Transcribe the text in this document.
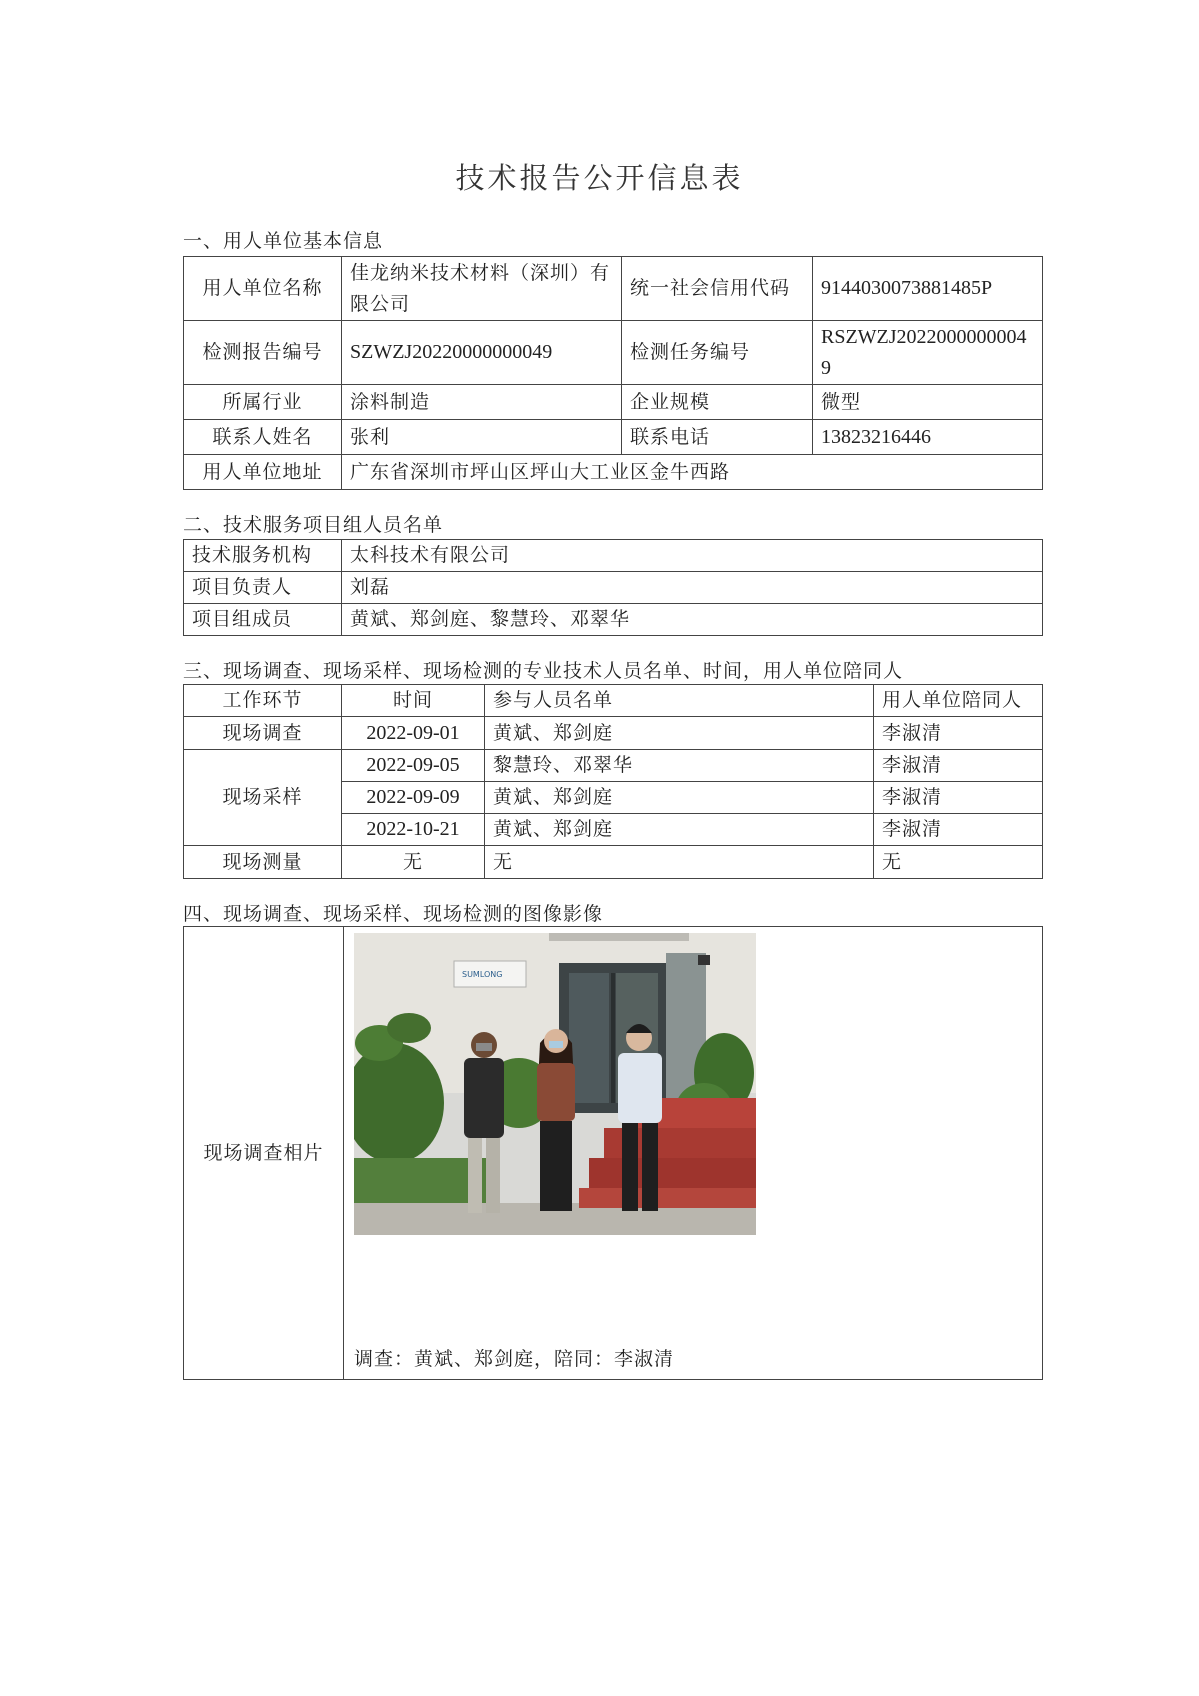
技术报告公开信息表
一、用人单位基本信息
用人单位名称	佳龙纳米技术材料（深圳）有限公司	统一社会信用代码	9144030073881485P
检测报告编号	SZWZJ20220000000049	检测任务编号	RSZWZJ20220000000049
所属行业	涂料制造	企业规模	微型
联系人姓名	张利	联系电话	13823216446
用人单位地址	广东省深圳市坪山区坪山大工业区金牛西路		
二、技术服务项目组人员名单
技术服务机构	太科技术有限公司
项目负责人	刘磊
项目组成员	黄斌、郑剑庭、黎慧玲、邓翠华
三、现场调查、现场采样、现场检测的专业技术人员名单、时间，用人单位陪同人
工作环节	时间	参与人员名单	用人单位陪同人
现场调查	2022-09-01	黄斌、郑剑庭	李淑清
现场采样	2022-09-05	黎慧玲、邓翠华	李淑清
	2022-09-09	黄斌、郑剑庭	李淑清
	2022-10-21	黄斌、郑剑庭	李淑清
现场测量	无	无	无
四、现场调查、现场采样、现场检测的图像影像
现场调查相片	
SUMLONG
调查：黄斌、郑剑庭，陪同：李淑清
